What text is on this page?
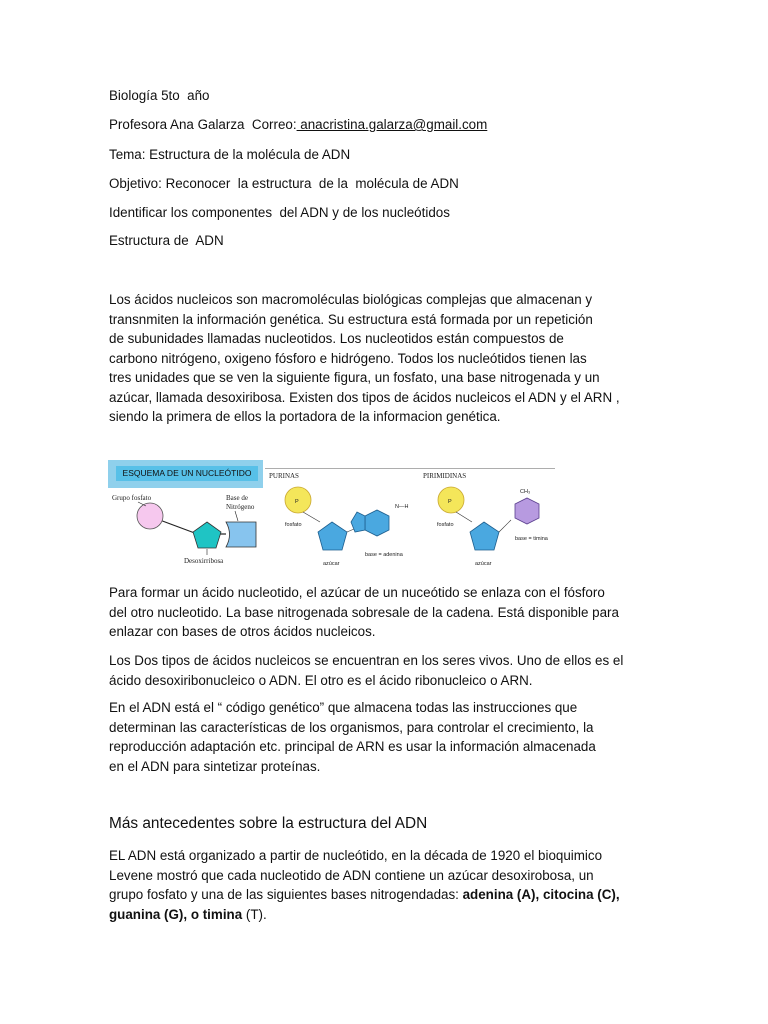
Biología 5to  año
Profesora Ana Galarza  Correo: anacristina.galarza@gmail.com
Tema: Estructura de la molécula de ADN
Objetivo: Reconocer  la estructura  de la  molécula de ADN
Identificar los componentes  del ADN y de los nucleótidos
Estructura de  ADN

Los ácidos nucleicos son macromoléculas biológicas complejas que almacenan y

transnmiten la información genética. Su estructura está formada por un repetición

de subunidades llamadas nucleotidos. Los nucleotidos están compuestos de

carbono nitrógeno, oxigeno fósforo e hidrógeno. Todos los nucleótidos tienen las

tres unidades que se ven la siguiente figura, un fosfato, una base nitrogenada y un

azúcar, llamada desoxiribosa. Existen dos tipos de ácidos nucleicos el ADN y el ARN ,

siendo la primera de ellos la portadora de la informacion genética.

ESQUEMA DE UN NUCLEÓTIDO
Grupo fosfato	Base de
Nitrógeno
Desoxirribosa
PURINAS	PIRIMIDINAS
P
fosfato
azúcar
N—H
base = adenina
P
fosfato
azúcar
CH₃
base = timina

Para formar un ácido nucleotido, el azúcar de un nuceótido se enlaza con el fósforo

del otro nucleotido. La base nitrogenada sobresale de la cadena. Está disponible para

enlazar con bases de otros ácidos nucleicos.

Los Dos tipos de ácidos nucleicos se encuentran en los seres vivos. Uno de ellos es el

ácido desoxiribonucleico o ADN. El otro es el ácido ribonucleico o ARN.

En el ADN está el “ código genético” que almacena todas las instrucciones que

determinan las características de los organismos, para controlar el crecimiento, la

reproducción adaptación etc. principal de ARN es usar la información almacenada

en el ADN para sintetizar proteínas.

Más antecedentes sobre la estructura del ADN

EL ADN está organizado a partir de nucleótido, en la década de 1920 el bioquimico

Levene mostró que cada nucleotido de ADN contiene un azúcar desoxirobosa, un

grupo fosfato y una de las siguientes bases nitrogendadas: adenina (A), citocina (C),

guanina (G), o timina (T).
